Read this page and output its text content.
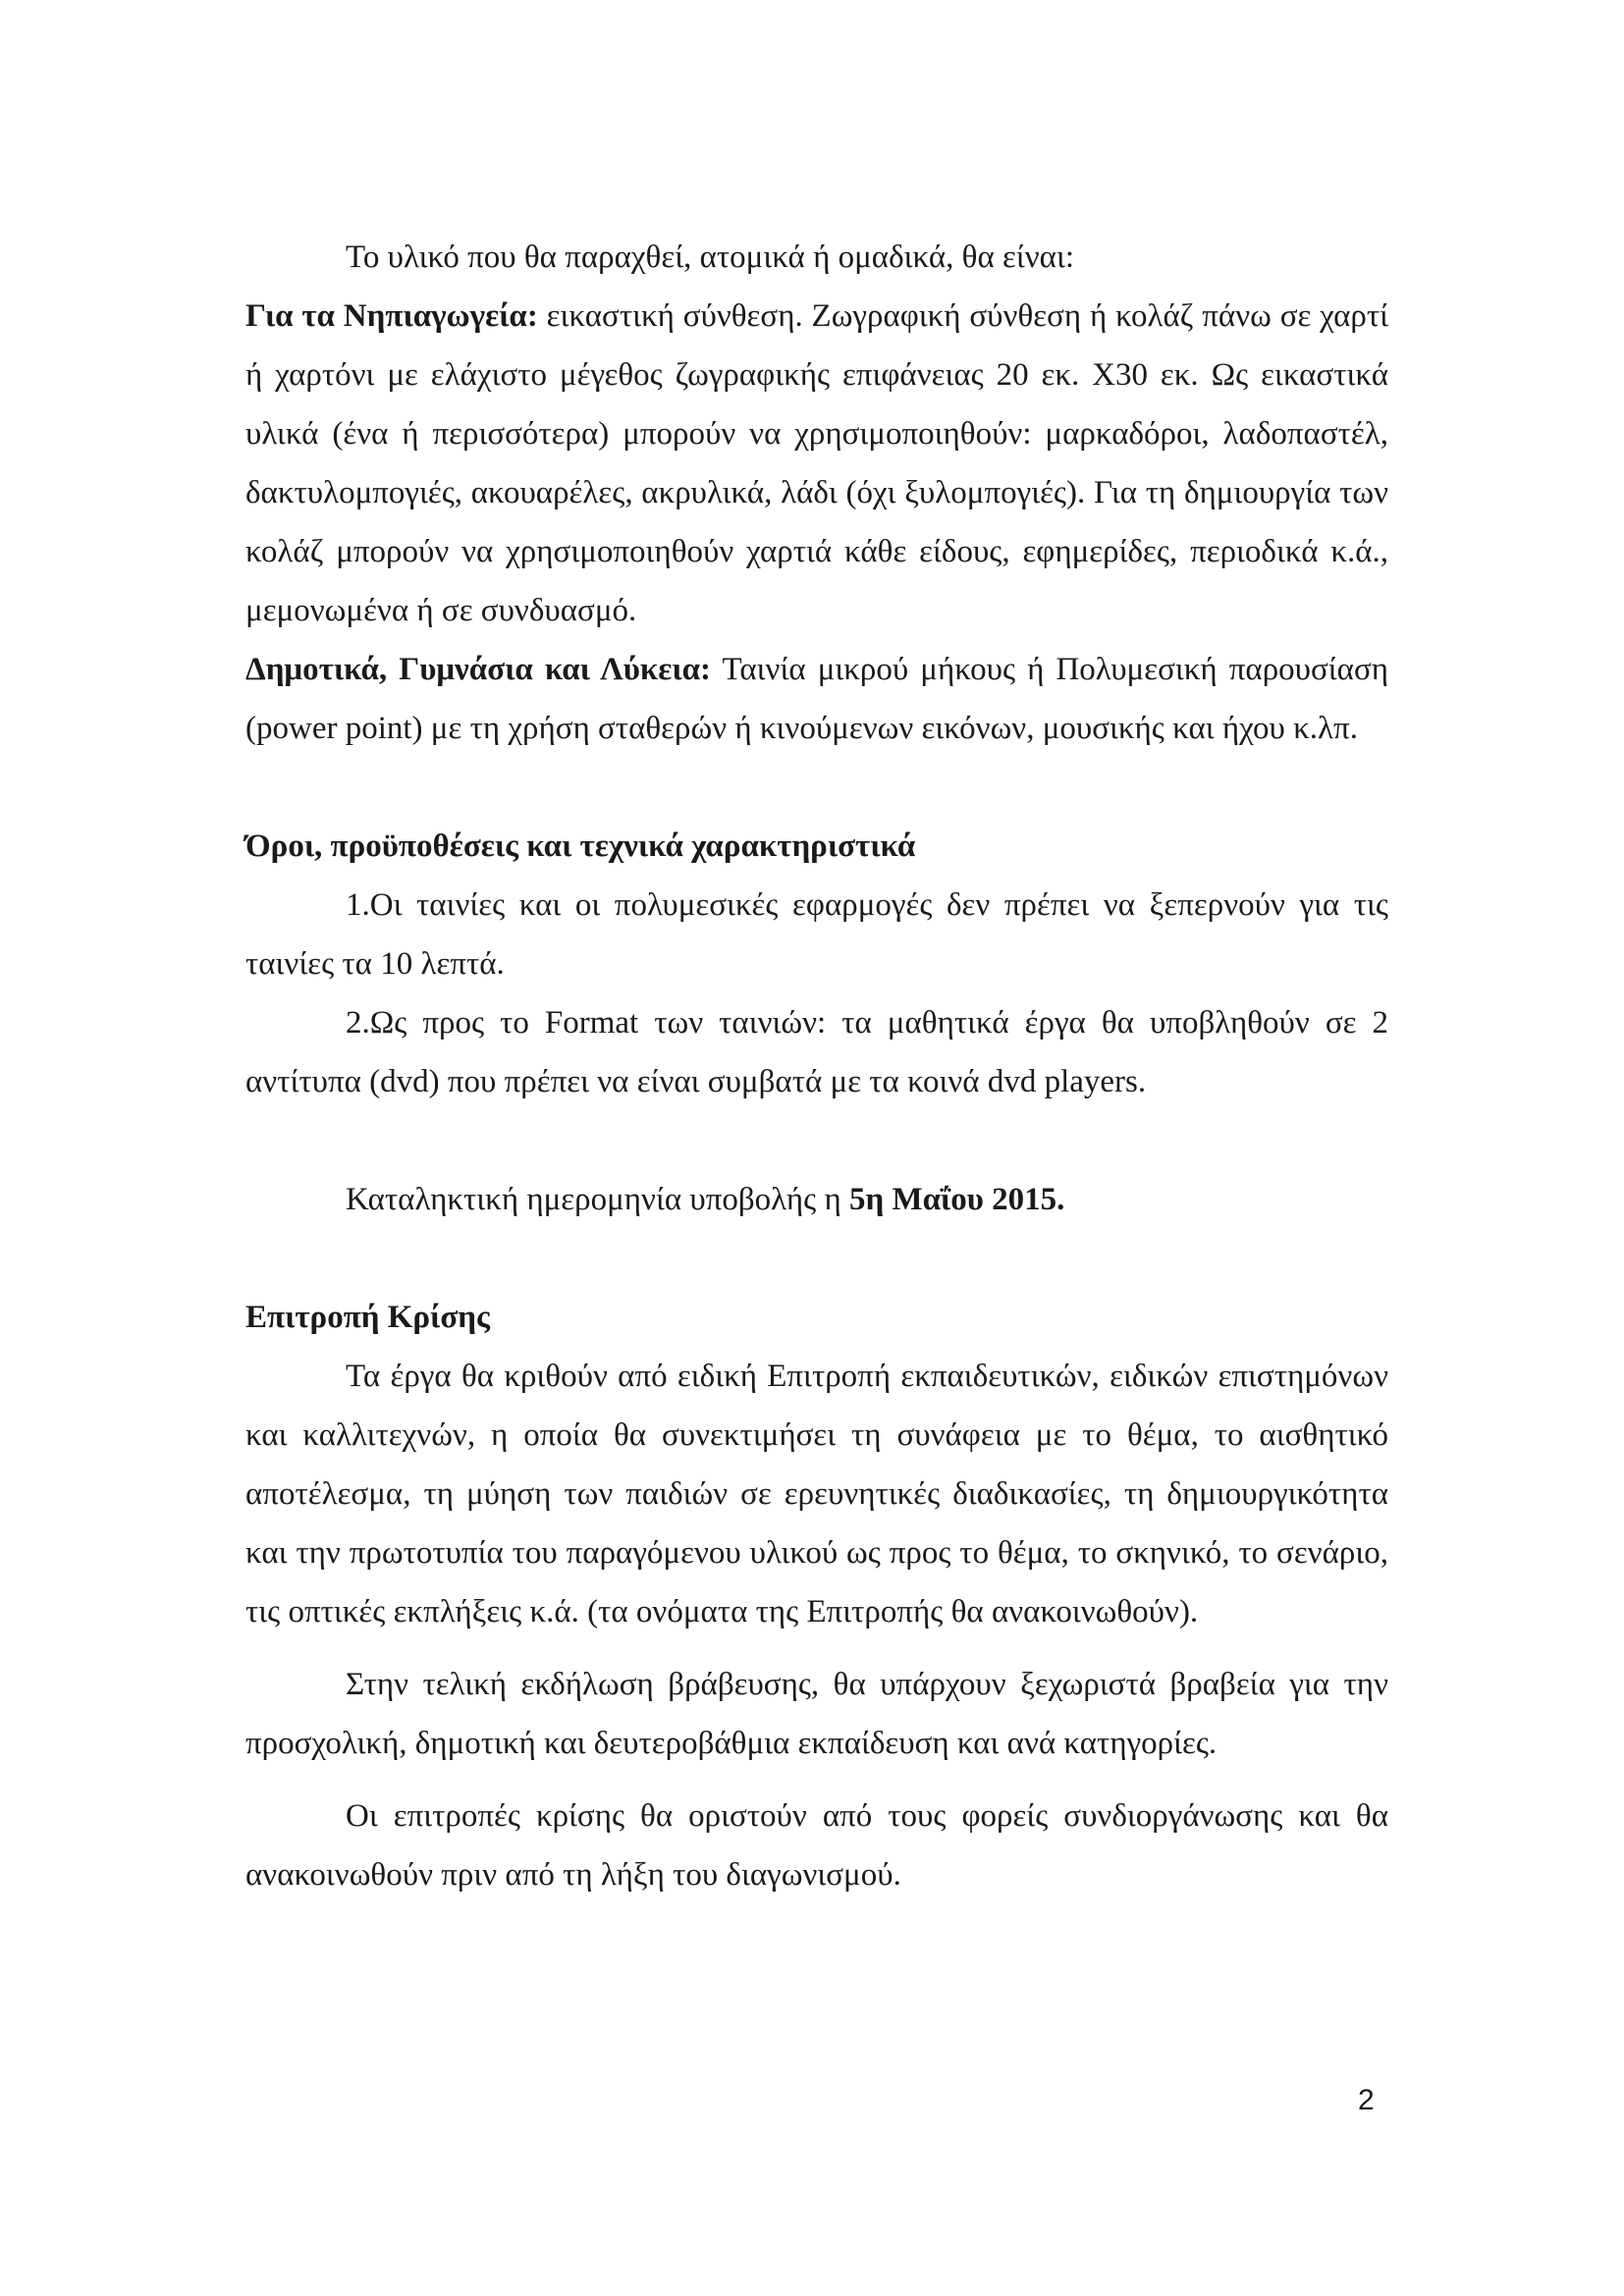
Το υλικό που θα παραχθεί, ατομικά ή ομαδικά, θα είναι:

Για τα Νηπιαγωγεία: εικαστική σύνθεση. Ζωγραφική σύνθεση ή κολάζ πάνω σε χαρτί ή χαρτόνι με ελάχιστο μέγεθος ζωγραφικής επιφάνειας 20 εκ. Χ30 εκ. Ως εικαστικά υλικά (ένα ή περισσότερα) μπορούν να χρησιμοποιηθούν: μαρκαδόροι, λαδοπαστέλ, δακτυλομπογιές, ακουαρέλες, ακρυλικά, λάδι (όχι ξυλομπογιές). Για τη δημιουργία των κολάζ μπορούν να χρησιμοποιηθούν χαρτιά κάθε είδους, εφημερίδες, περιοδικά κ.ά., μεμονωμένα ή σε συνδυασμό.

Δημοτικά, Γυμνάσια και Λύκεια: Ταινία μικρού μήκους ή Πολυμεσική παρουσίαση (power point) με τη χρήση σταθερών ή κινούμενων εικόνων, μουσικής και ήχου κ.λπ.

Όροι, προϋποθέσεις και τεχνικά χαρακτηριστικά

1.Οι ταινίες και οι πολυμεσικές εφαρμογές δεν πρέπει να ξεπερνούν για τις ταινίες τα 10 λεπτά.

2.Ως προς το Format των ταινιών: τα μαθητικά έργα θα υποβληθούν σε 2 αντίτυπα (dvd) που πρέπει να είναι συμβατά με τα κοινά dvd players.

Καταληκτική ημερομηνία υποβολής η 5η Μαΐου 2015.

Επιτροπή Κρίσης

Τα έργα θα κριθούν από ειδική Επιτροπή εκπαιδευτικών, ειδικών επιστημόνων και καλλιτεχνών, η οποία θα συνεκτιμήσει τη συνάφεια με το θέμα, το αισθητικό αποτέλεσμα, τη μύηση των παιδιών σε ερευνητικές διαδικασίες, τη δημιουργικότητα και την πρωτοτυπία του παραγόμενου υλικού ως προς το θέμα, το σκηνικό, το σενάριο, τις οπτικές εκπλήξεις κ.ά. (τα ονόματα της Επιτροπής θα ανακοινωθούν).

Στην τελική εκδήλωση βράβευσης, θα υπάρχουν ξεχωριστά βραβεία για την προσχολική, δημοτική και δευτεροβάθμια εκπαίδευση και ανά κατηγορίες.

Οι επιτροπές κρίσης θα οριστούν από τους φορείς συνδιοργάνωσης και θα ανακοινωθούν πριν από τη λήξη του διαγωνισμού.

2
